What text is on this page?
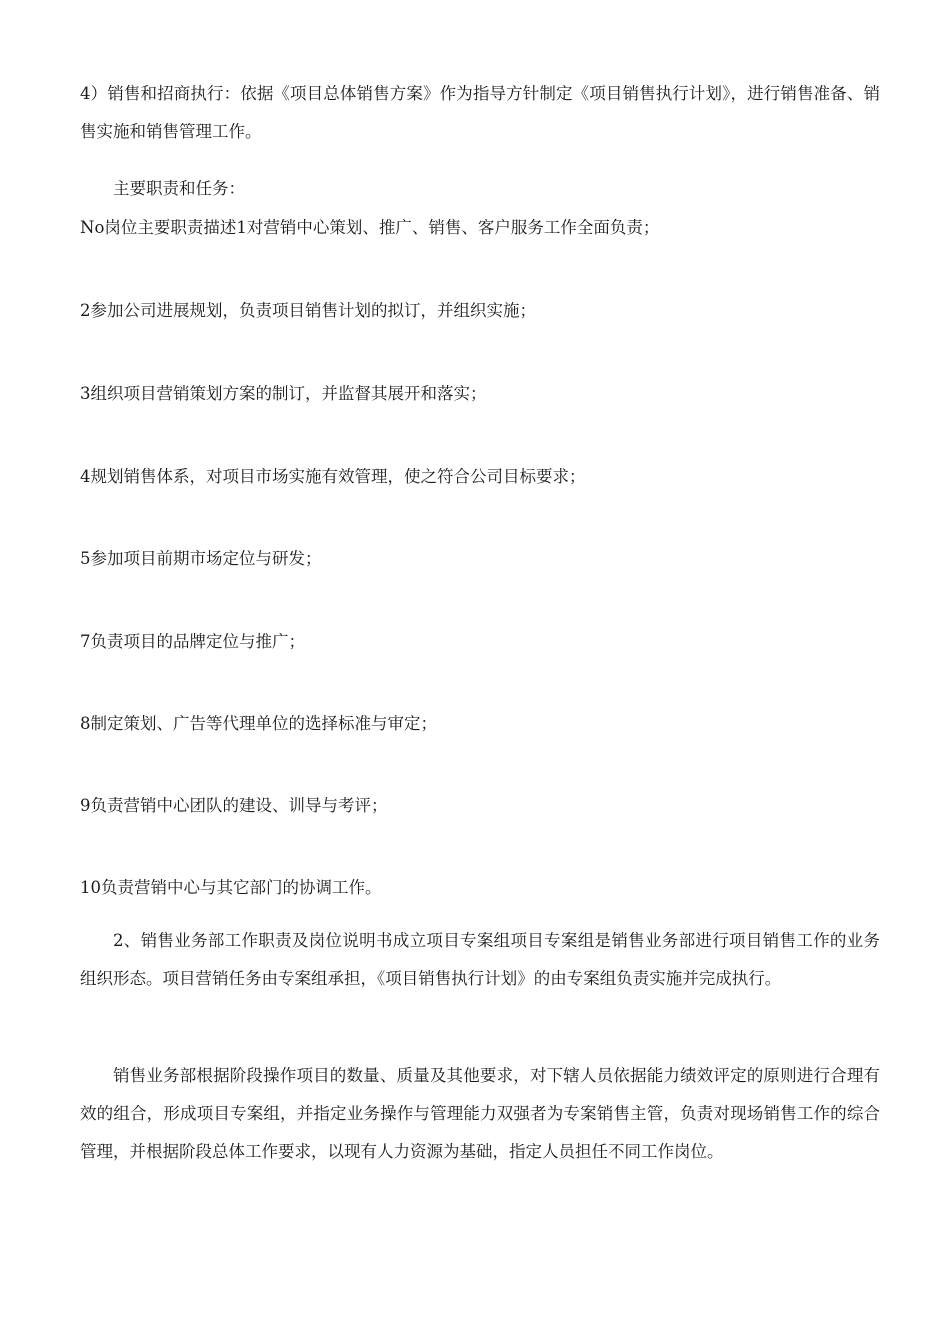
4）销售和招商执行：依据《项目总体销售方案》作为指导方针制定《项目销售执行计划》，进行销售准备、销售实施和销售管理工作。

主要职责和任务：

No岗位主要职责描述1对营销中心策划、推广、销售、客户服务工作全面负责；

2参加公司进展规划，负责项目销售计划的拟订，并组织实施；

3组织项目营销策划方案的制订，并监督其展开和落实；

4规划销售体系，对项目市场实施有效管理，使之符合公司目标要求；

5参加项目前期市场定位与研发；

7负责项目的品牌定位与推广；

8制定策划、广告等代理单位的选择标准与审定；

9负责营销中心团队的建设、训导与考评；

10负责营销中心与其它部门的协调工作。

2、销售业务部工作职责及岗位说明书成立项目专案组项目专案组是销售业务部进行项目销售工作的业务组织形态。项目营销任务由专案组承担，《项目销售执行计划》的由专案组负责实施并完成执行。

销售业务部根据阶段操作项目的数量、质量及其他要求，对下辖人员依据能力绩效评定的原则进行合理有效的组合，形成项目专案组，并指定业务操作与管理能力双强者为专案销售主管，负责对现场销售工作的综合管理，并根据阶段总体工作要求，以现有人力资源为基础，指定人员担任不同工作岗位。
